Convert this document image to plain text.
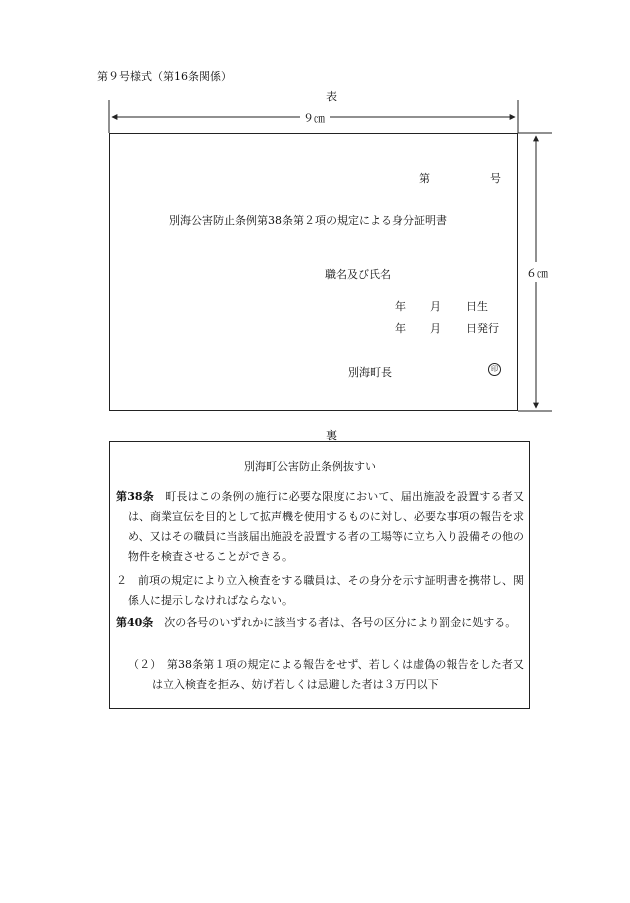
第９号様式（第16条関係）
表
９㎝
６㎝
第	号
別海公害防止条例第38条第２項の規定による身分証明書
職名及び氏名
年 月 日生
年 月 日発行
別海町長	印
裏
別海町公害防止条例抜すい
第38条　町長はこの条例の施行に必要な限度において、届出施設を設置する者又は、商業宣伝を目的として拡声機を使用するものに対し、必要な事項の報告を求め、又はその職員に当該届出施設を設置する者の工場等に立ち入り設備その他の物件を検査させることができる。
２　前項の規定により立入検査をする職員は、その身分を示す証明書を携帯し、関係人に提示しなければならない。
第40条　次の各号のいずれかに該当する者は、各号の区分により罰金に処する。
（２）　第38条第１項の規定による報告をせず、若しくは虚偽の報告をした者又は立入検査を拒み、妨げ若しくは忌避した者は３万円以下
